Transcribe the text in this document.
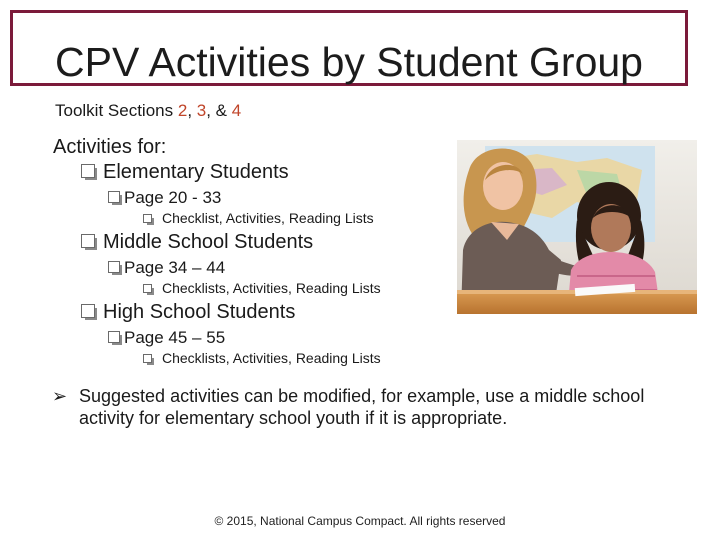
CPV Activities by Student Group
Toolkit Sections 2, 3, & 4
Activities for:
Elementary Students
Page 20 - 33
Checklist, Activities, Reading Lists
Middle School Students
Page 34 – 44
Checklists, Activities, Reading Lists
High School Students
Page 45 – 55
Checklists, Activities, Reading Lists
➢ Suggested activities can be modified, for example, use a middle school activity for elementary school youth if it is appropriate.
© 2015, National Campus Compact. All rights reserved
